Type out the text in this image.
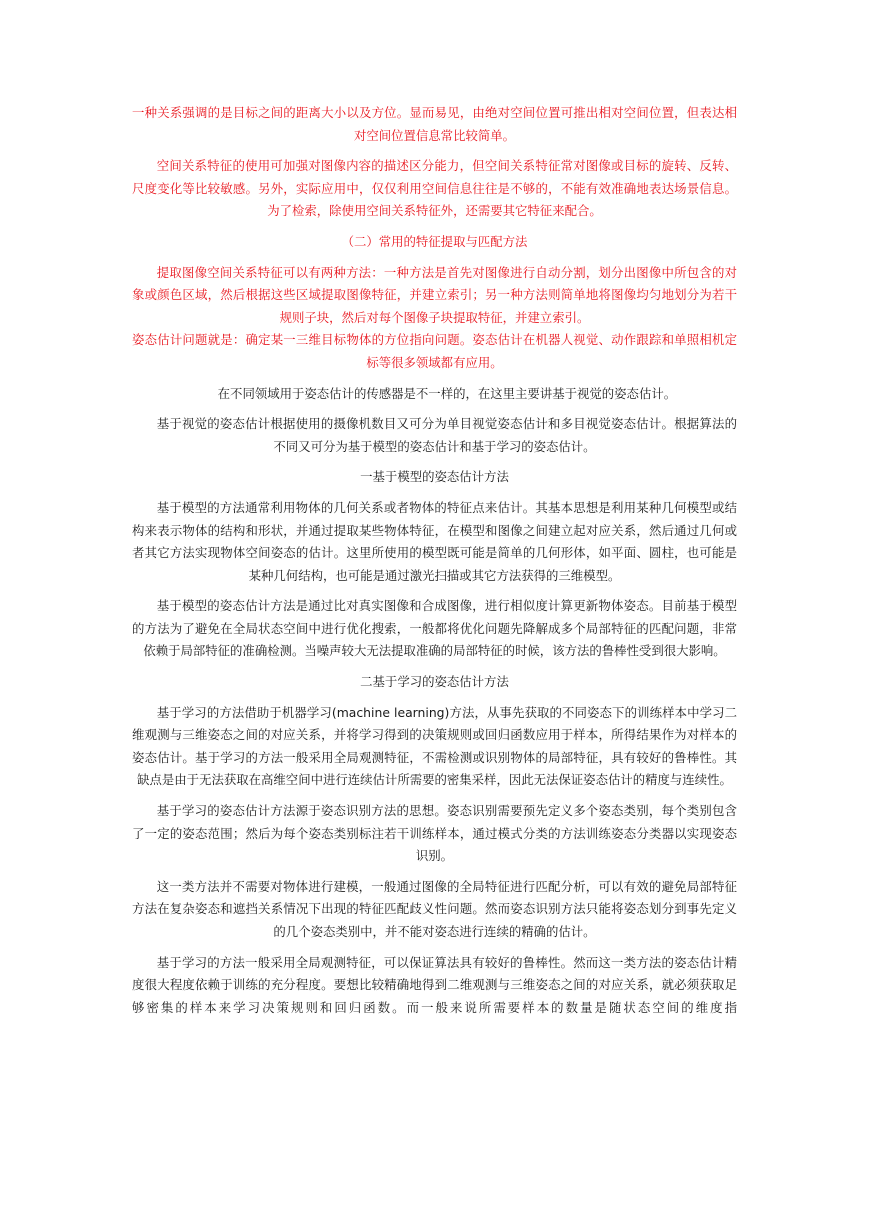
一种关系强调的是目标之间的距离大小以及方位。显而易见，由绝对空间位置可推出相对空间位置，但表达相对空间位置信息常比较简单。

空间关系特征的使用可加强对图像内容的描述区分能力，但空间关系特征常对图像或目标的旋转、反转、尺度变化等比较敏感。另外，实际应用中，仅仅利用空间信息往往是不够的，不能有效准确地表达场景信息。为了检索，除使用空间关系特征外，还需要其它特征来配合。

（二）常用的特征提取与匹配方法

提取图像空间关系特征可以有两种方法：一种方法是首先对图像进行自动分割，划分出图像中所包含的对象或颜色区域，然后根据这些区域提取图像特征，并建立索引；另一种方法则简单地将图像均匀地划分为若干规则子块，然后对每个图像子块提取特征，并建立索引。

姿态估计问题就是：确定某一三维目标物体的方位指向问题。姿态估计在机器人视觉、动作跟踪和单照相机定标等很多领域都有应用。

在不同领域用于姿态估计的传感器是不一样的，在这里主要讲基于视觉的姿态估计。

基于视觉的姿态估计根据使用的摄像机数目又可分为单目视觉姿态估计和多目视觉姿态估计。根据算法的不同又可分为基于模型的姿态估计和基于学习的姿态估计。

一基于模型的姿态估计方法

基于模型的方法通常利用物体的几何关系或者物体的特征点来估计。其基本思想是利用某种几何模型或结构来表示物体的结构和形状，并通过提取某些物体特征，在模型和图像之间建立起对应关系，然后通过几何或者其它方法实现物体空间姿态的估计。这里所使用的模型既可能是简单的几何形体，如平面、圆柱，也可能是某种几何结构，也可能是通过激光扫描或其它方法获得的三维模型。

基于模型的姿态估计方法是通过比对真实图像和合成图像，进行相似度计算更新物体姿态。目前基于模型的方法为了避免在全局状态空间中进行优化搜索，一般都将优化问题先降解成多个局部特征的匹配问题，非常依赖于局部特征的准确检测。当噪声较大无法提取准确的局部特征的时候，该方法的鲁棒性受到很大影响。

二基于学习的姿态估计方法

基于学习的方法借助于机器学习(machine learning)方法，从事先获取的不同姿态下的训练样本中学习二维观测与三维姿态之间的对应关系，并将学习得到的决策规则或回归函数应用于样本，所得结果作为对样本的姿态估计。基于学习的方法一般采用全局观测特征，不需检测或识别物体的局部特征，具有较好的鲁棒性。其缺点是由于无法获取在高维空间中进行连续估计所需要的密集采样，因此无法保证姿态估计的精度与连续性。

基于学习的姿态估计方法源于姿态识别方法的思想。姿态识别需要预先定义多个姿态类别，每个类别包含了一定的姿态范围；然后为每个姿态类别标注若干训练样本，通过模式分类的方法训练姿态分类器以实现姿态识别。

这一类方法并不需要对物体进行建模，一般通过图像的全局特征进行匹配分析，可以有效的避免局部特征方法在复杂姿态和遮挡关系情况下出现的特征匹配歧义性问题。然而姿态识别方法只能将姿态划分到事先定义的几个姿态类别中，并不能对姿态进行连续的精确的估计。

基于学习的方法一般采用全局观测特征，可以保证算法具有较好的鲁棒性。然而这一类方法的姿态估计精度很大程度依赖于训练的充分程度。要想比较精确地得到二维观测与三维姿态之间的对应关系，就必须获取足够密集的样本来学习决策规则和回归函数。而一般来说所需要样本的数量是随状态空间的维度指
